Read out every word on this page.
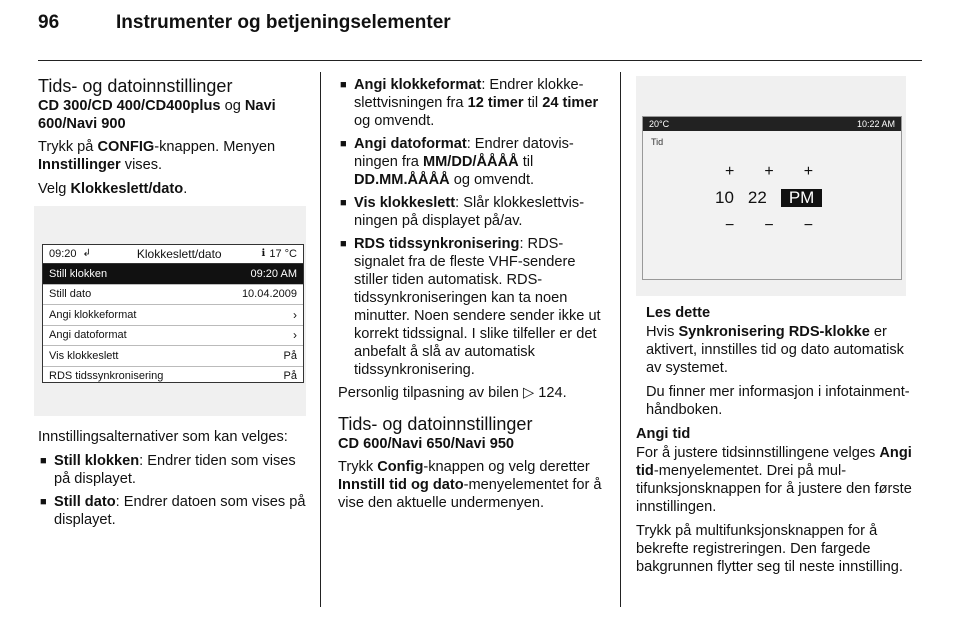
96	Instrumenter og betjeningselementer
Tids- og datoinnstillinger
CD 300/CD 400/CD400plus og Navi 600/Navi 900

Trykk på CONFIG-knappen. Menyen Innstillinger vises.

Velg Klokkeslett/dato.

09:20 ↲	Klokkeslett/dato	ℹ 17 °C
Still klokken	09:20 AM
Still dato	10.04.2009
Angi klokkeformat	›
Angi datoformat	›
Vis klokkeslett	På
RDS tidssynkronisering	På

Innstillingsalternativer som kan velges:

■ Still klokken: Endrer tiden som vises på displayet.
■ Still dato: Endrer datoen som vises på displayet.
■ Angi klokkeformat: Endrer klokkeslettvisningen fra 12 timer til 24 timer og omvendt.
■ Angi datoformat: Endrer datovisningen fra MM/DD/ÅÅÅÅ til DD.MM.ÅÅÅÅ og omvendt.
■ Vis klokkeslett: Slår klokkeslettvisningen på displayet på/av.
■ RDS tidssynkronisering: RDS-signalet fra de fleste VHF-sendere stiller tiden automatisk. RDS-tidssynkroniseringen kan ta noen minutter. Noen sendere sender ikke ut korrekt tidssignal. I slike tilfeller er det anbefalt å slå av automatisk tidssynkronisering.

Personlig tilpasning av bilen ▷ 124.

Tids- og datoinnstillinger
CD 600/Navi 650/Navi 950

Trykk Config-knappen og velg deretter Innstill tid og dato-menyelementet for å vise den aktuelle undermenyen.

20°C	10:22 AM
Tid
+ + +
10 22	PM
− − −
Les dette

Hvis Synkronisering RDS-klokke er aktivert, innstilles tid og dato automatisk av systemet.

Du finner mer informasjon i infotainment-håndboken.

Angi tid

For å justere tidsinnstillingene velges Angi tid-menyelementet. Drei på multifunksjonsknappen for å justere den første innstillingen.

Trykk på multifunksjonsknappen for å bekrefte registreringen. Den fargede bakgrunnen flytter seg til neste innstilling.
